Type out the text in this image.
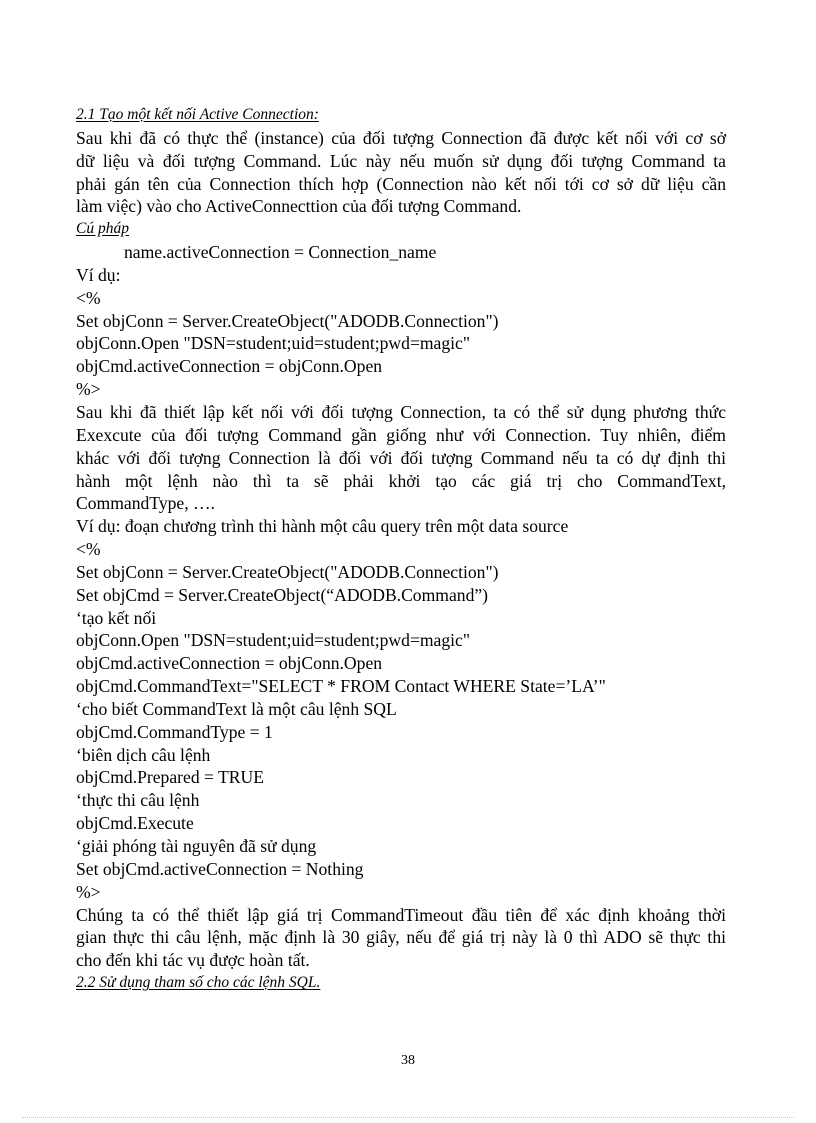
2.1 Tạo một kết nối Active Connection:
Sau khi đã có thực thể (instance) của đối tượng Connection đã được kết nối với cơ sở
dữ liệu và đối tượng Command. Lúc này nếu muốn sử dụng đối tượng Command ta
phải gán tên của Connection thích hợp (Connection nào kết nối tới cơ sở dữ liệu cần
làm việc) vào cho ActiveConnecttion của đối tượng Command.
Cú pháp
name.activeConnection = Connection_name
Ví dụ:
<%
Set objConn = Server.CreateObject("ADODB.Connection")
objConn.Open "DSN=student;uid=student;pwd=magic"
objCmd.activeConnection = objConn.Open
%>
Sau khi đã thiết lập kết nối với đối tượng Connection, ta có thể sử dụng phương thức
Exexcute của đối tượng Command gần giống như với Connection. Tuy nhiên, điểm
khác với đối tượng Connection là đối với đối tượng Command nếu ta có dự định thi
hành một lệnh nào thì ta sẽ phải khởi tạo các giá trị cho CommandText,
CommandType, ….
Ví dụ: đoạn chương trình thi hành một câu query trên một data source
<%
Set objConn = Server.CreateObject("ADODB.Connection")
Set objCmd = Server.CreateObject(“ADODB.Command”)
‘tạo kết nối
objConn.Open "DSN=student;uid=student;pwd=magic"
objCmd.activeConnection = objConn.Open
objCmd.CommandText="SELECT * FROM Contact WHERE State=’LA’"
‘cho biết CommandText là một câu lệnh SQL
objCmd.CommandType = 1
‘biên dịch câu lệnh
objCmd.Prepared = TRUE
‘thực thi câu lệnh
objCmd.Execute
‘giải phóng tài nguyên đã sử dụng
Set objCmd.activeConnection = Nothing
%>
Chúng ta có thể thiết lập giá trị CommandTimeout đầu tiên để xác định khoảng thời
gian thực thi câu lệnh, mặc định là 30 giây, nếu để giá trị này là 0 thì ADO sẽ thực thi
cho đến khi tác vụ được hoàn tất.
2.2 Sử dụng tham số cho các lệnh SQL.
38
